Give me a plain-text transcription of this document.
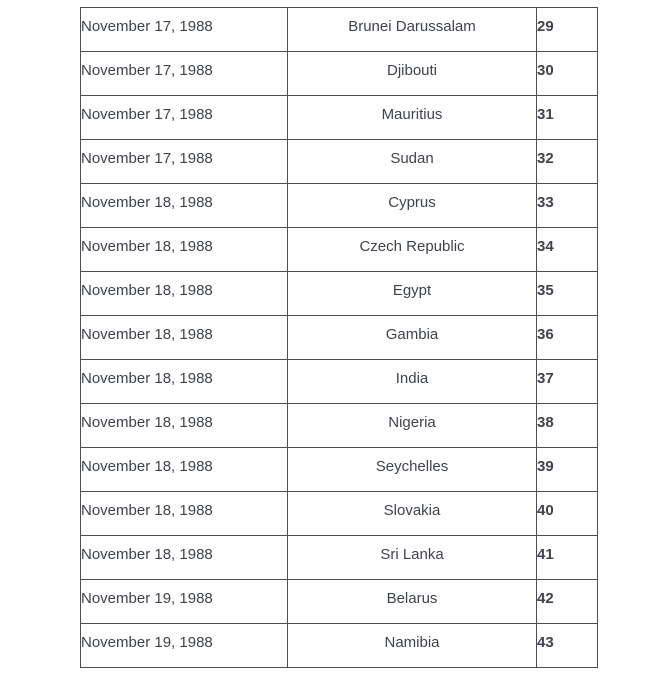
November 17, 1988	Brunei Darussalam	29
November 17, 1988	Djibouti	30
November 17, 1988	Mauritius	31
November 17, 1988	Sudan	32
November 18, 1988	Cyprus	33
November 18, 1988	Czech Republic	34
November 18, 1988	Egypt	35
November 18, 1988	Gambia	36
November 18, 1988	India	37
November 18, 1988	Nigeria	38
November 18, 1988	Seychelles	39
November 18, 1988	Slovakia	40
November 18, 1988	Sri Lanka	41
November 19, 1988	Belarus	42
November 19, 1988	Namibia	43
